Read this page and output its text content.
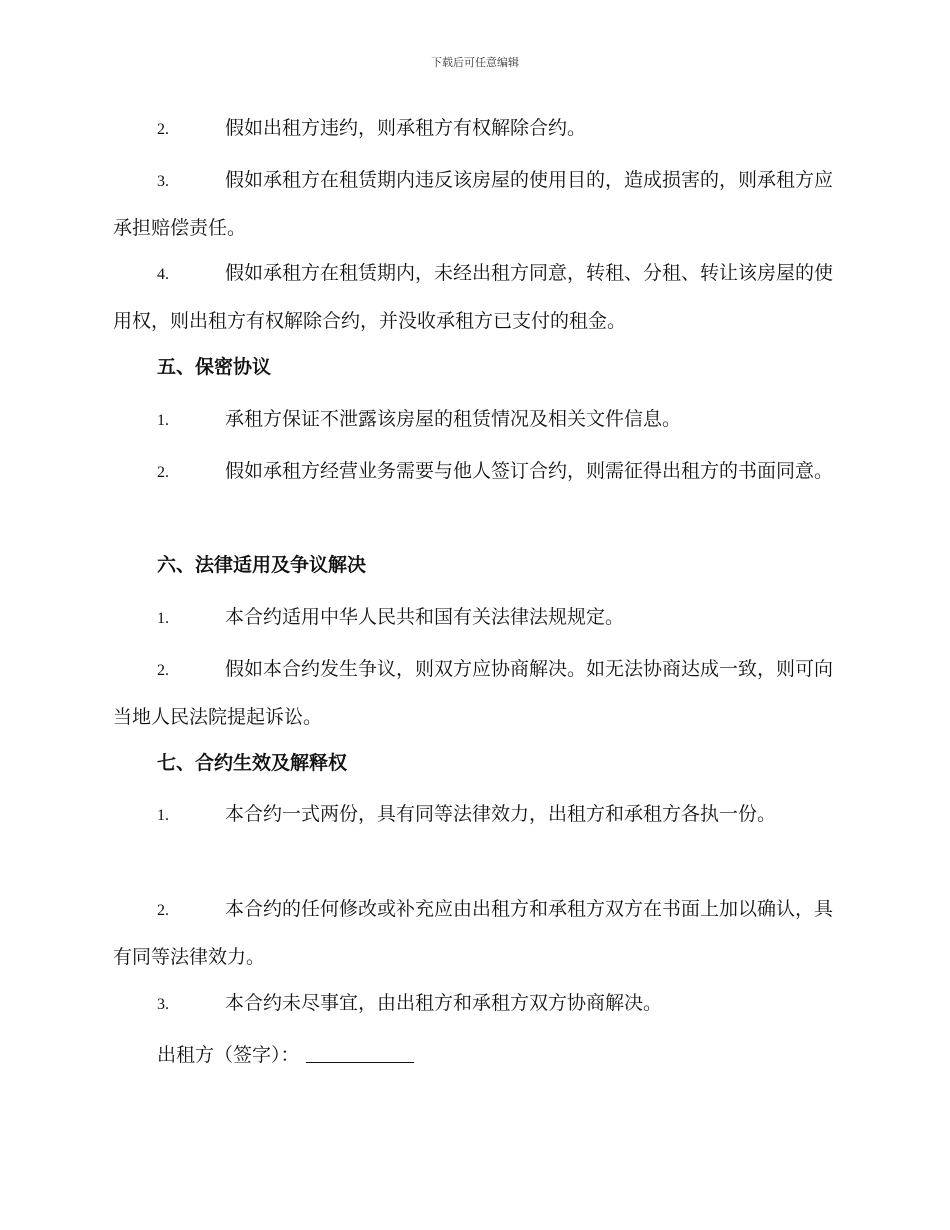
下载后可任意编辑
2.	假如出租方违约，则承租方有权解除合约。
3.	假如承租方在租赁期内违反该房屋的使用目的，造成损害的，则承租方应承担赔偿责任。
4.	假如承租方在租赁期内，未经出租方同意，转租、分租、转让该房屋的使用权，则出租方有权解除合约，并没收承租方已支付的租金。
五、保密协议
1.	承租方保证不泄露该房屋的租赁情况及相关文件信息。
2.	假如承租方经营业务需要与他人签订合约，则需征得出租方的书面同意。
六、法律适用及争议解决
1.	本合约适用中华人民共和国有关法律法规规定。
2.	假如本合约发生争议，则双方应协商解决。如无法协商达成一致，则可向当地人民法院提起诉讼。
七、合约生效及解释权
1.	本合约一式两份，具有同等法律效力，出租方和承租方各执一份。
2.	本合约的任何修改或补充应由出租方和承租方双方在书面上加以确认，具有同等法律效力。
3.	本合约未尽事宜，由出租方和承租方双方协商解决。
出租方（签字）：
